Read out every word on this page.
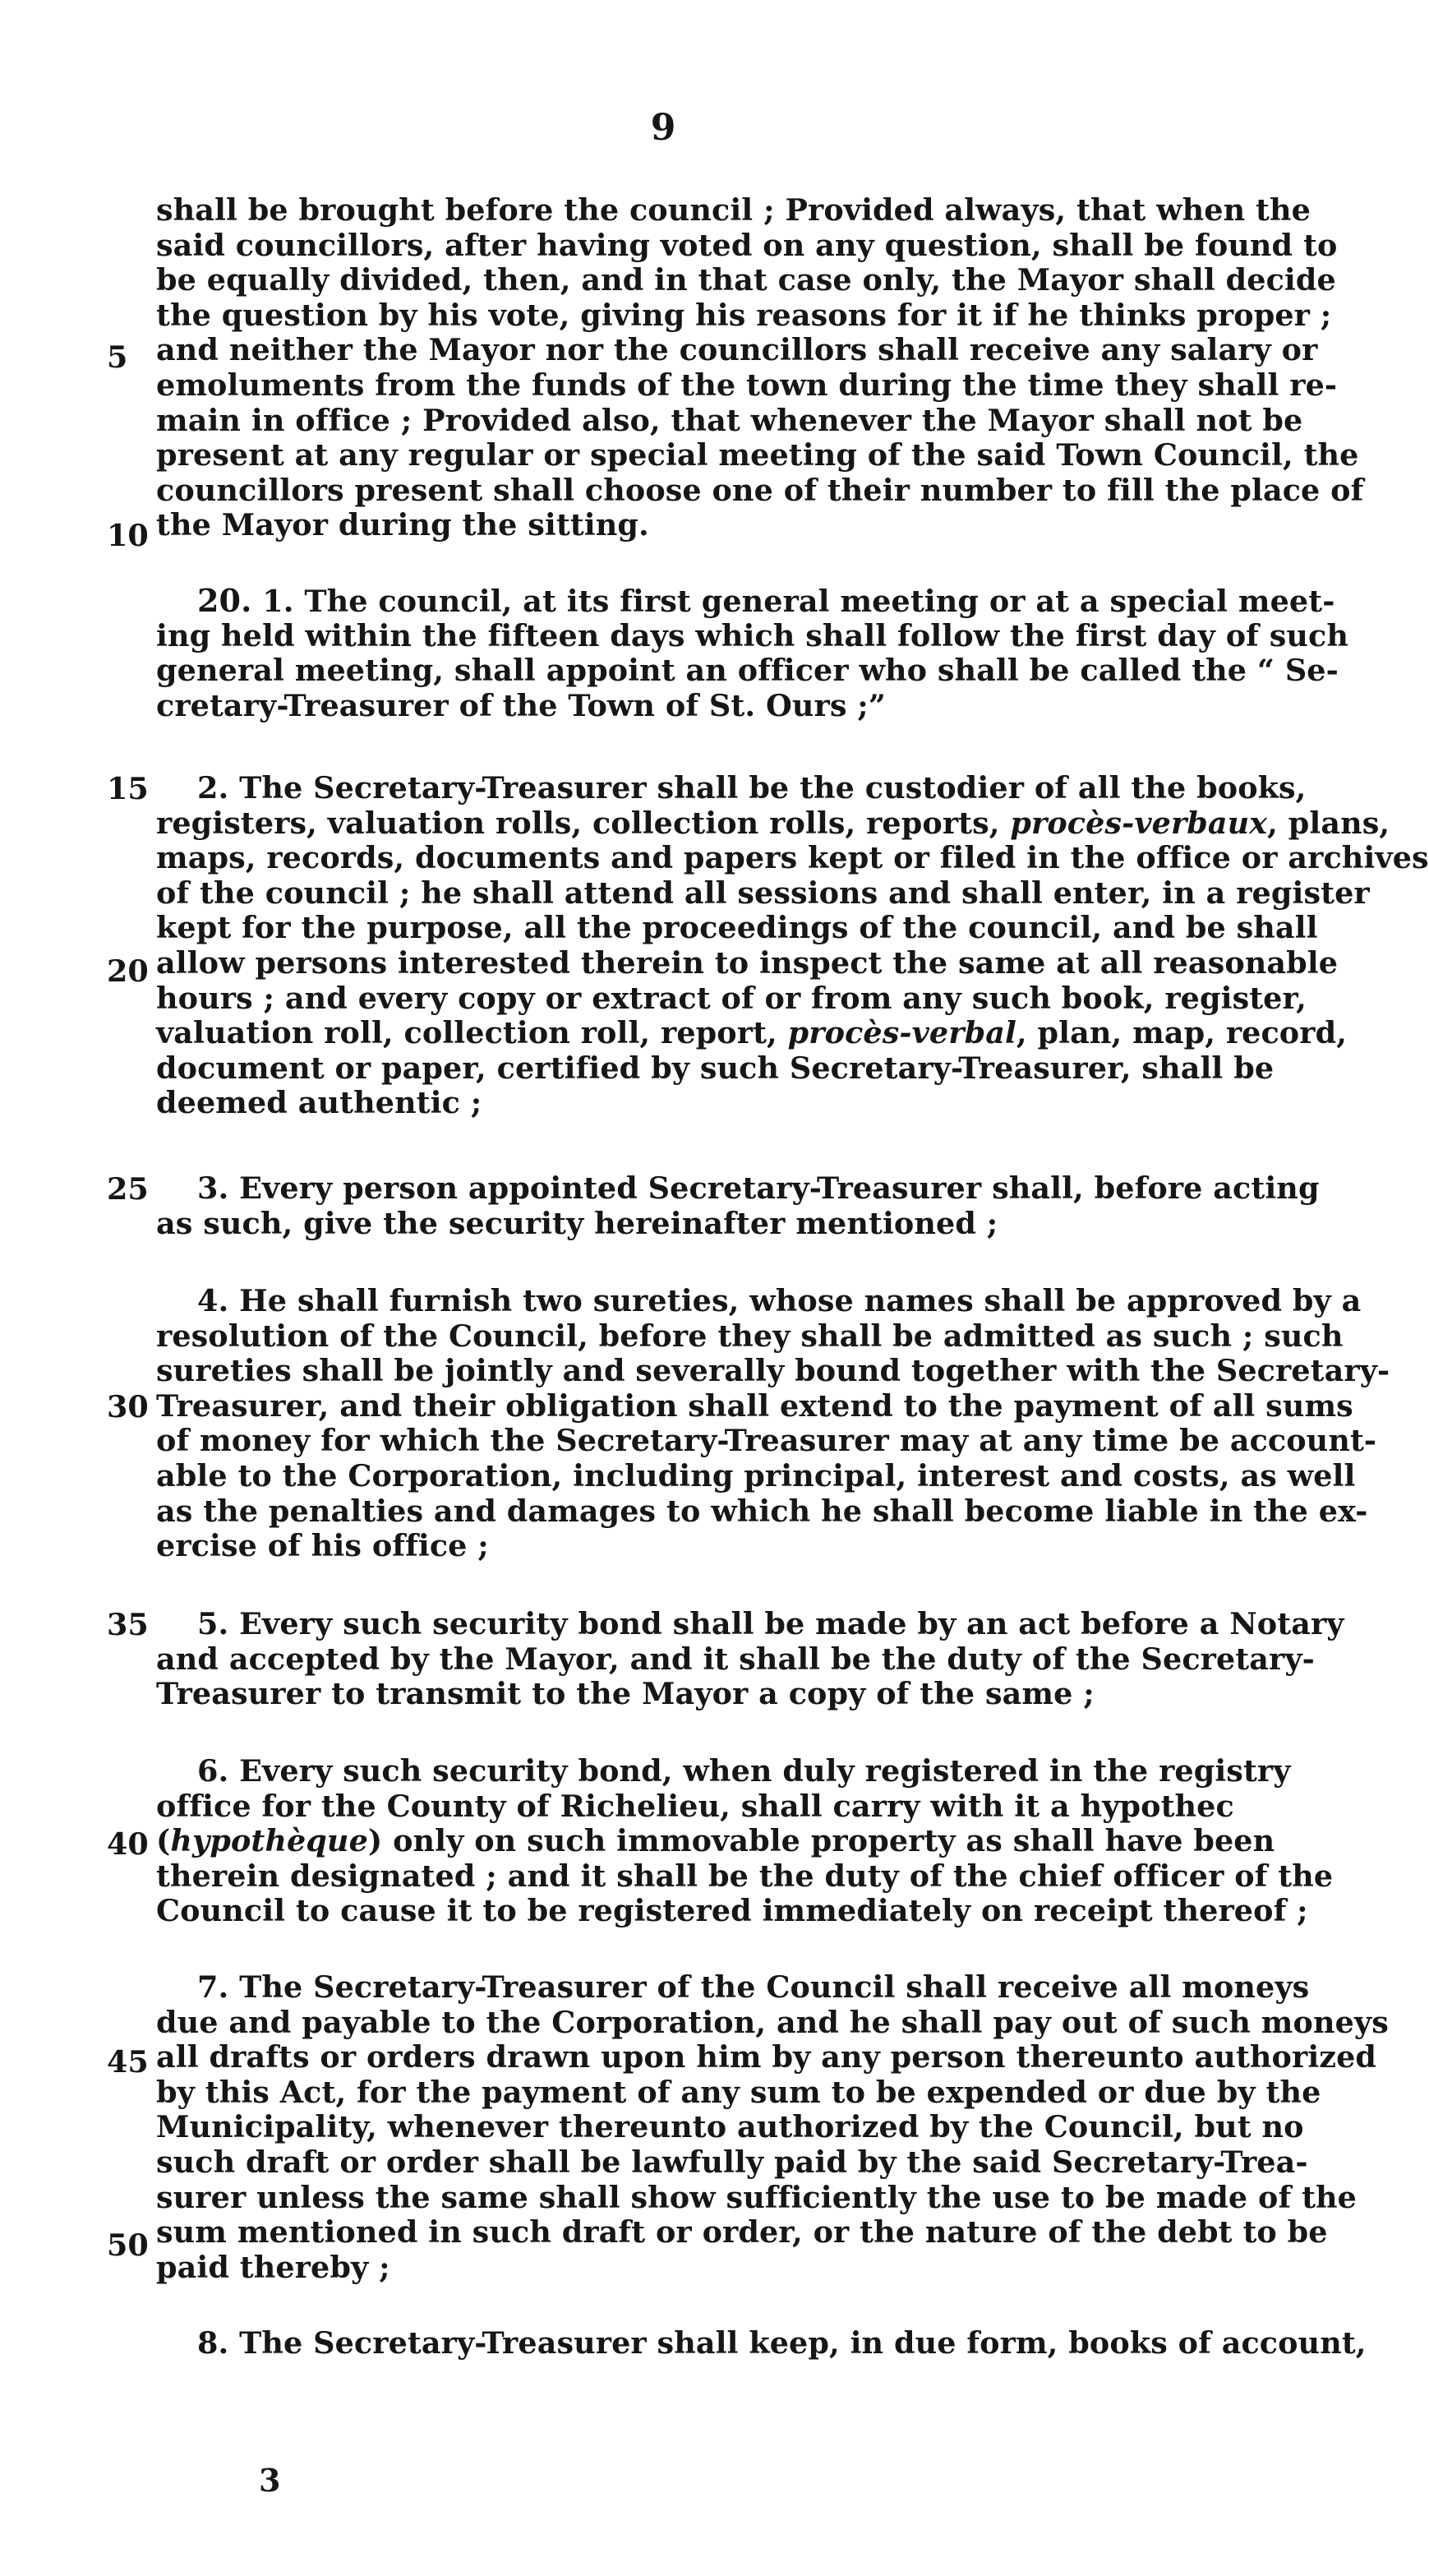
9
5
10
15
20
25
30
35
40
45
50
shall be brought before the council ; Provided always, that when the
said councillors, after having voted on any question, shall be found to
be equally divided, then, and in that case only, the Mayor shall decide
the question by his vote, giving his reasons for it if he thinks proper ;
and neither the Mayor nor the councillors shall receive any salary or
emoluments from the funds of the town during the time they shall re-
main in office ; Provided also, that whenever the Mayor shall not be
present at any regular or special meeting of the said Town Council, the
councillors present shall choose one of their number to fill the place of
the Mayor during the sitting.
20. 1. The council, at its first general meeting or at a special meet-
ing held within the fifteen days which shall follow the first day of such
general meeting, shall appoint an officer who shall be called the “ Se-
cretary-Treasurer of the Town of St. Ours ;”
2. The Secretary-Treasurer shall be the custodier of all the books,
registers, valuation rolls, collection rolls, reports, procès-verbaux, plans,
maps, records, documents and papers kept or filed in the office or archives
of the council ; he shall attend all sessions and shall enter, in a register
kept for the purpose, all the proceedings of the council, and be shall
allow persons interested therein to inspect the same at all reasonable
hours ; and every copy or extract of or from any such book, register,
valuation roll, collection roll, report, procès-verbal, plan, map, record,
document or paper, certified by such Secretary-Treasurer, shall be
deemed authentic ;
3. Every person appointed Secretary-Treasurer shall, before acting
as such, give the security hereinafter mentioned ;
4. He shall furnish two sureties, whose names shall be approved by a
resolution of the Council, before they shall be admitted as such ; such
sureties shall be jointly and severally bound together with the Secretary-
Treasurer, and their obligation shall extend to the payment of all sums
of money for which the Secretary-Treasurer may at any time be account-
able to the Corporation, including principal, interest and costs, as well
as the penalties and damages to which he shall become liable in the ex-
ercise of his office ;
5. Every such security bond shall be made by an act before a Notary
and accepted by the Mayor, and it shall be the duty of the Secretary-
Treasurer to transmit to the Mayor a copy of the same ;
6. Every such security bond, when duly registered in the registry
office for the County of Richelieu, shall carry with it a hypothec
(hypothèque) only on such immovable property as shall have been
therein designated ; and it shall be the duty of the chief officer of the
Council to cause it to be registered immediately on receipt thereof ;
7. The Secretary-Treasurer of the Council shall receive all moneys
due and payable to the Corporation, and he shall pay out of such moneys
all drafts or orders drawn upon him by any person thereunto authorized
by this Act, for the payment of any sum to be expended or due by the
Municipality, whenever thereunto authorized by the Council, but no
such draft or order shall be lawfully paid by the said Secretary-Trea-
surer unless the same shall show sufficiently the use to be made of the
sum mentioned in such draft or order, or the nature of the debt to be
paid thereby ;
8. The Secretary-Treasurer shall keep, in due form, books of account,
3
